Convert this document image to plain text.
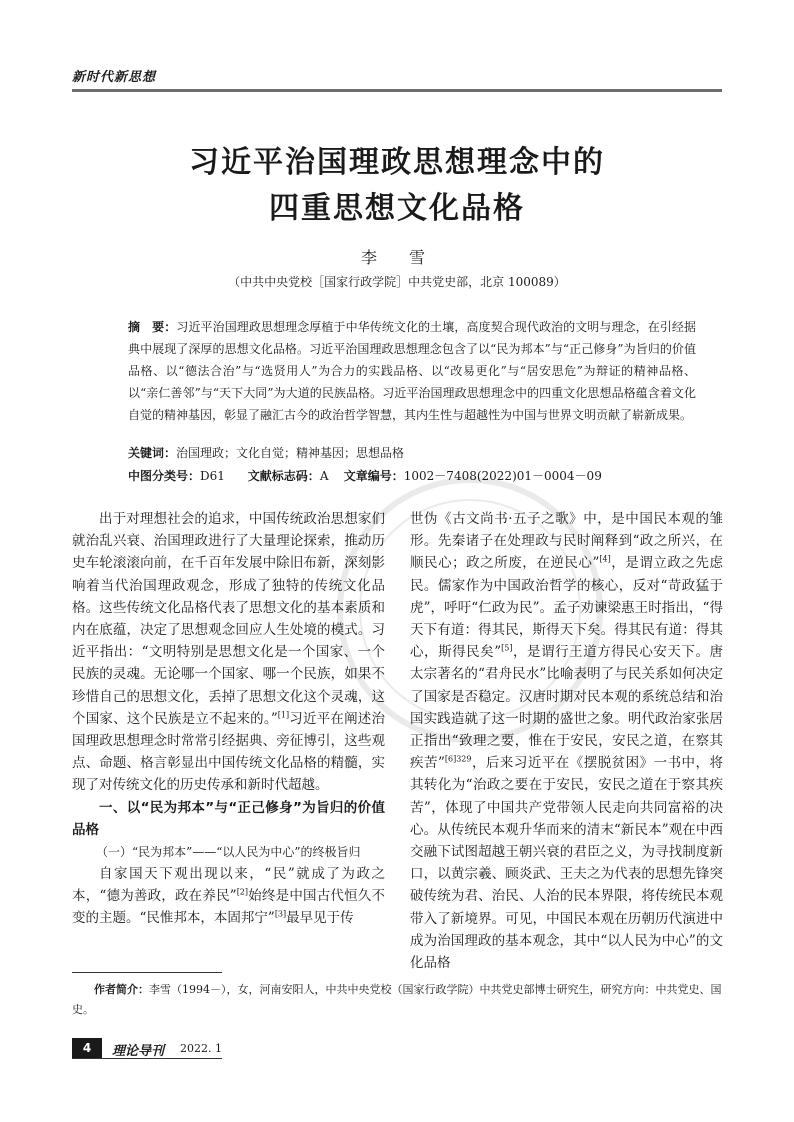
新时代新思想
习近平治国理政思想理念中的
四重思想文化品格
李　雪
（中共中央党校［国家行政学院］中共党史部，北京 100089）
摘　要：习近平治国理政思想理念厚植于中华传统文化的土壤，高度契合现代政治的文明与理念，在引经据典中展现了深厚的思想文化品格。习近平治国理政思想理念包含了以“民为邦本”与“正己修身”为旨归的价值品格、以“德法合治”与“选贤用人”为合力的实践品格、以“改易更化”与“居安思危”为辩证的精神品格、以“亲仁善邻”与“天下大同”为大道的民族品格。习近平治国理政思想理念中的四重文化思想品格蕴含着文化自觉的精神基因，彰显了融汇古今的政治哲学智慧，其内生性与超越性为中国与世界文明贡献了崭新成果。
关键词：治国理政；文化自觉；精神基因；思想品格
中图分类号：D61 文献标志码：A 文章编号：1002－7408(2022)01－0004－09

出于对理想社会的追求，中国传统政治思想家们就治乱兴衰、治国理政进行了大量理论探索，推动历史车轮滚滚向前，在千百年发展中除旧布新，深刻影响着当代治国理政观念，形成了独特的传统文化品格。这些传统文化品格代表了思想文化的基本素质和内在底蕴，决定了思想观念回应人生处境的模式。习近平指出：“文明特别是思想文化是一个国家、一个民族的灵魂。无论哪一个国家、哪一个民族，如果不珍惜自己的思想文化，丢掉了思想文化这个灵魂，这个国家、这个民族是立不起来的。”[1]习近平在阐述治国理政思想理念时常常引经据典、旁征博引，这些观点、命题、格言彰显出中国传统文化品格的精髓，实现了对传统文化的历史传承和新时代超越。

一、以“民为邦本”与“正己修身”为旨归的价值品格

（一）“民为邦本”——“以人民为中心”的终极旨归

自家国天下观出现以来，“民”就成了为政之本，“德为善政，政在养民”[2]始终是中国古代恒久不变的主题。“民惟邦本，本固邦宁”[3]最早见于传

世伪《古文尚书·五子之歌》中，是中国民本观的雏形。先秦诸子在处理政与民时阐释到“政之所兴，在顺民心；政之所废，在逆民心”[4]，是谓立政之先虑民。儒家作为中国政治哲学的核心，反对“苛政猛于虎”，呼吁“仁政为民”。孟子劝谏梁惠王时指出，“得天下有道：得其民，斯得天下矣。得其民有道：得其心，斯得民矣”[5]，是谓行王道方得民心安天下。唐太宗著名的“君舟民水”比喻表明了与民关系如何决定了国家是否稳定。汉唐时期对民本观的系统总结和治国实践造就了这一时期的盛世之象。明代政治家张居正指出“致理之要，惟在于安民，安民之道，在察其疾苦”$^{[6]329}$，后来习近平在《摆脱贫困》一书中，将其转化为“治政之要在于安民，安民之道在于察其疾苦”，体现了中国共产党带领人民走向共同富裕的决心。从传统民本观升华而来的清末“新民本”观在中西交融下试图超越王朝兴衰的君臣之义，为寻找制度新口，以黄宗羲、顾炎武、王夫之为代表的思想先锋突破传统为君、治民、人治的民本界限，将传统民本观带入了新境界。可见，中国民本观在历朝历代演进中成为治国理政的基本观念，其中“以人民为中心”的文化品格

作者简介：李雪（1994－），女，河南安阳人，中共中央党校（国家行政学院）中共党史部博士研究生，研究方向：中共党史、国史。
4	理论导刊 2022. 1
